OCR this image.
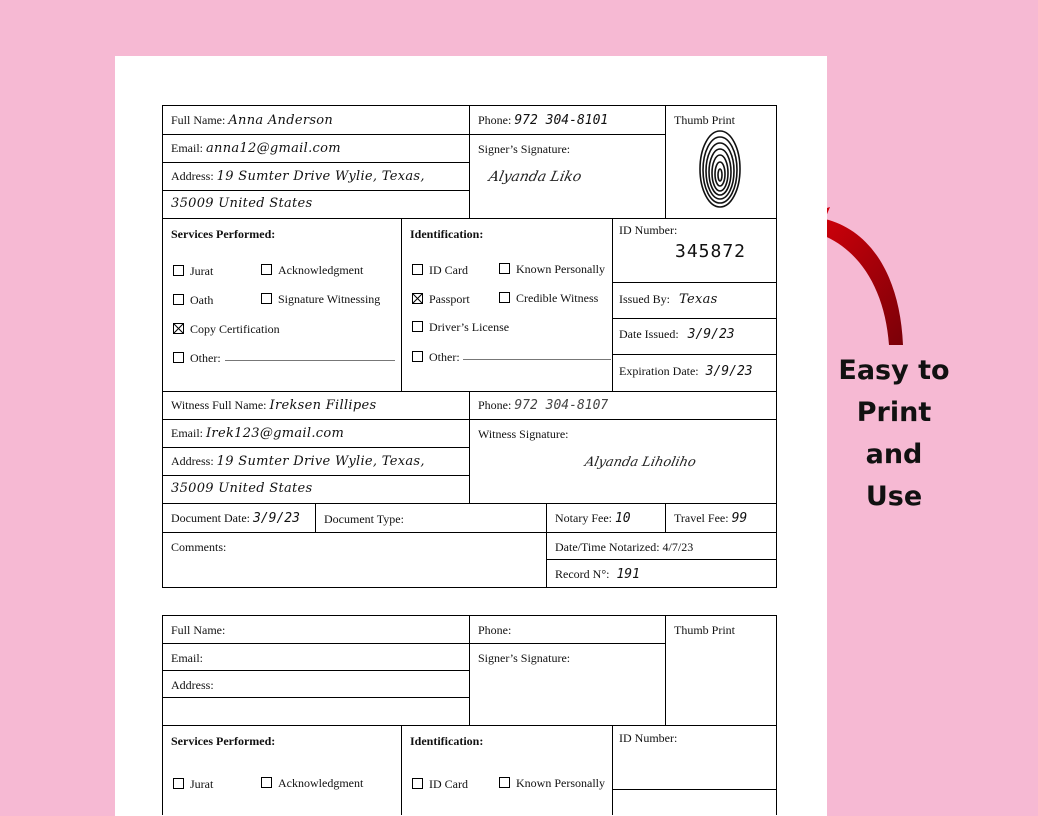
Easy to
Print
and Use
Full Name: Anna Anderson	Phone: 972 304-8101	Thumb Print
Email: anna12@gmail.com	Signer’s Signature:
Alyanda Liko
Address: 19 Sumter Drive Wylie, Texas,
35009 United States
Services Performed:
Jurat	Acknowledgment
Oath	Signature Witnessing
Copy Certification
Other:
Identification:
ID Card	Known Personally
Passport	Credible Witness
Driver’s License
Other:
ID Number:
345872
Issued By: Texas
Date Issued: 3/9/23
Expiration Date: 3/9/23
Witness Full Name: Ireksen Fillipes	Phone: 972 304-8107
Email: Irek123@gmail.com	Witness Signature:
Alyanda Liholiho
Address: 19 Sumter Drive Wylie, Texas,
35009 United States
Document Date: 3/9/23 Document Type:	Notary Fee: 10	Travel Fee: 99
Comments:	Date/Time Notarized: 4/7/23
Record N°: 191
Full Name:	Phone:	Thumb Print
Email:	Signer’s Signature:
Address:
Services Performed:	Identification:	ID Number:
Jurat	Acknowledgment	ID Card	Known Personally
